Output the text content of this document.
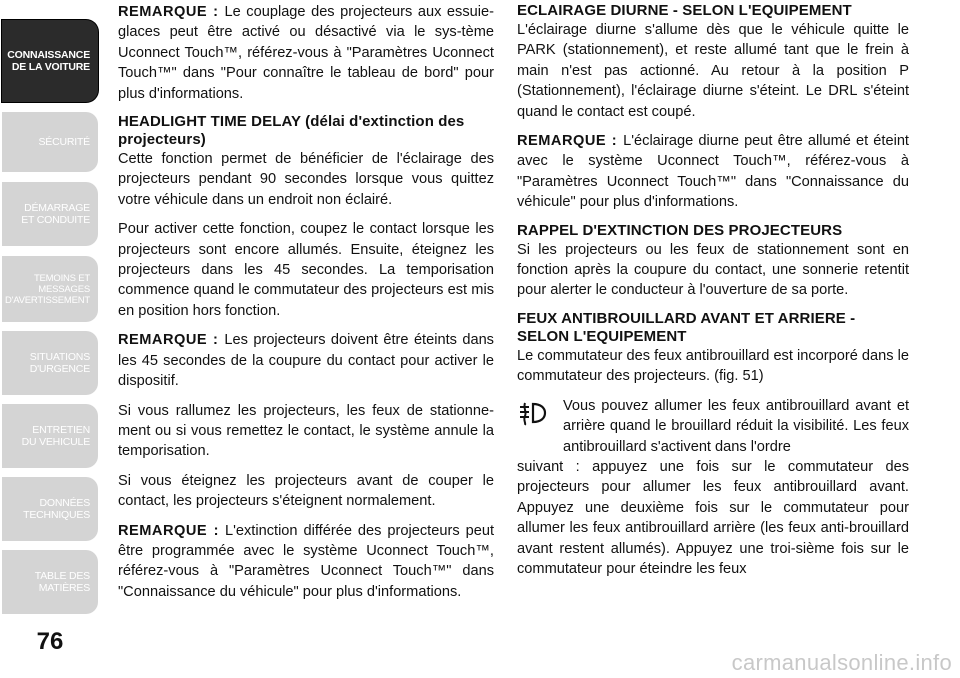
CONNAISSANCE
DE LA VOITURE
SÉCURITÉ
DÉMARRAGE
ET CONDUITE
TEMOINS ET
MESSAGES
D'AVERTISSEMENT
SITUATIONS
D'URGENCE
ENTRETIEN
DU VEHICULE
DONNÉES
TECHNIQUES
TABLE DES
MATIÈRES
76

REMARQUE : Le couplage des projecteurs aux essuie-glaces peut être activé ou désactivé via le sys-tème Uconnect Touch™, référez-vous à "Paramètres Uconnect Touch™" dans "Pour connaître le tableau de bord" pour plus d'informations.

HEADLIGHT TIME DELAY (délai d'extinction des projecteurs)

Cette fonction permet de bénéficier de l'éclairage des projecteurs pendant 90 secondes lorsque vous quittez votre véhicule dans un endroit non éclairé.

Pour activer cette fonction, coupez le contact lorsque les projecteurs sont encore allumés. Ensuite, éteignez les projecteurs dans les 45 secondes. La temporisation commence quand le commutateur des projecteurs est mis en position hors fonction.

REMARQUE : Les projecteurs doivent être éteints dans les 45 secondes de la coupure du contact pour activer le dispositif.

Si vous rallumez les projecteurs, les feux de stationne-ment ou si vous remettez le contact, le système annule la temporisation.

Si vous éteignez les projecteurs avant de couper le contact, les projecteurs s'éteignent normalement.

REMARQUE : L'extinction différée des projecteurs peut être programmée avec le système Uconnect Touch™, référez-vous à "Paramètres Uconnect Touch™" dans "Connaissance du véhicule" pour plus d'informations.

ECLAIRAGE DIURNE - SELON L'EQUIPEMENT

L'éclairage diurne s'allume dès que le véhicule quitte le PARK (stationnement), et reste allumé tant que le frein à main n'est pas actionné. Au retour à la position P (Stationnement), l'éclairage diurne s'éteint. Le DRL s'éteint quand le contact est coupé.

REMARQUE : L'éclairage diurne peut être allumé et éteint avec le système Uconnect Touch™, référez-vous à "Paramètres Uconnect Touch™" dans "Connaissance du véhicule" pour plus d'informations.

RAPPEL D'EXTINCTION DES PROJECTEURS

Si les projecteurs ou les feux de stationnement sont en fonction après la coupure du contact, une sonnerie retentit pour alerter le conducteur à l'ouverture de sa porte.

FEUX ANTIBROUILLARD AVANT ET ARRIERE - SELON L'EQUIPEMENT

Le commutateur des feux antibrouillard est incorporé dans le commutateur des projecteurs. (fig. 51)

Vous pouvez allumer les feux antibrouillard avant et arrière quand le brouillard réduit la visibilité. Les feux antibrouillard s'activent dans l'ordre
suivant : appuyez une fois sur le commutateur des projecteurs pour allumer les feux antibrouillard avant. Appuyez une deuxième fois sur le commutateur pour allumer les feux antibrouillard arrière (les feux anti-brouillard avant restent allumés). Appuyez une troi-sième fois sur le commutateur pour éteindre les feux

carmanualsonline.info
